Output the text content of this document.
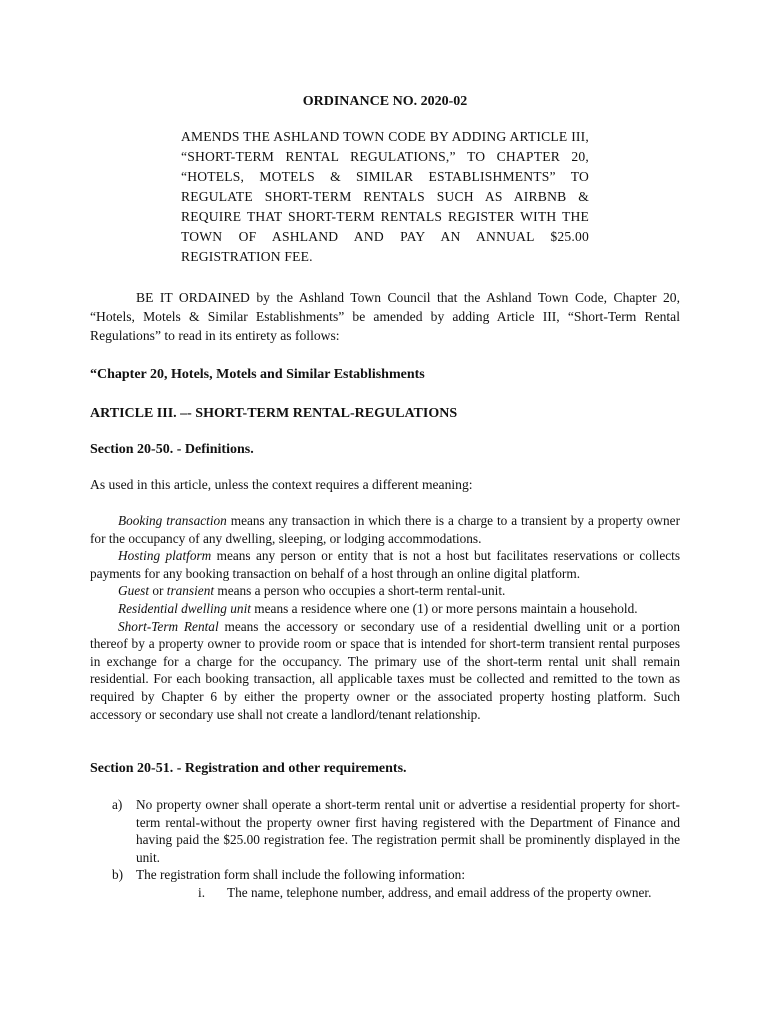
ORDINANCE NO. 2020-02
AMENDS THE ASHLAND TOWN CODE BY ADDING ARTICLE III, “SHORT-TERM RENTAL REGULATIONS,” TO CHAPTER 20, “HOTELS, MOTELS & SIMILAR ESTABLISHMENTS” TO REGULATE SHORT-TERM RENTALS SUCH AS AIRBNB & REQUIRE THAT SHORT-TERM RENTALS REGISTER WITH THE TOWN OF ASHLAND AND PAY AN ANNUAL $25.00 REGISTRATION FEE.
BE IT ORDAINED by the Ashland Town Council that the Ashland Town Code, Chapter 20, “Hotels, Motels & Similar Establishments” be amended by adding Article III, “Short-Term Rental Regulations” to read in its entirety as follows:
“Chapter 20, Hotels, Motels and Similar Establishments
ARTICLE III. –- SHORT-TERM RENTAL-REGULATIONS
Section 20-50. - Definitions.
As used in this article, unless the context requires a different meaning:

Booking transaction means any transaction in which there is a charge to a transient by a property owner for the occupancy of any dwelling, sleeping, or lodging accommodations.

Hosting platform means any person or entity that is not a host but facilitates reservations or collects payments for any booking transaction on behalf of a host through an online digital platform.

Guest or transient means a person who occupies a short-term rental-unit.

Residential dwelling unit means a residence where one (1) or more persons maintain a household.

Short-Term Rental means the accessory or secondary use of a residential dwelling unit or a portion thereof by a property owner to provide room or space that is intended for short-term transient rental purposes in exchange for a charge for the occupancy. The primary use of the short-term rental unit shall remain residential. For each booking transaction, all applicable taxes must be collected and remitted to the town as required by Chapter 6 by either the property owner or the associated property hosting platform. Such accessory or secondary use shall not create a landlord/tenant relationship.

Section 20-51. - Registration and other requirements.
a) No property owner shall operate a short-term rental unit or advertise a residential property for short-term rental-without the property owner first having registered with the Department of Finance and having paid the $25.00 registration fee. The registration permit shall be prominently displayed in the unit.
b) The registration form shall include the following information:
i. The name, telephone number, address, and email address of the property owner.
